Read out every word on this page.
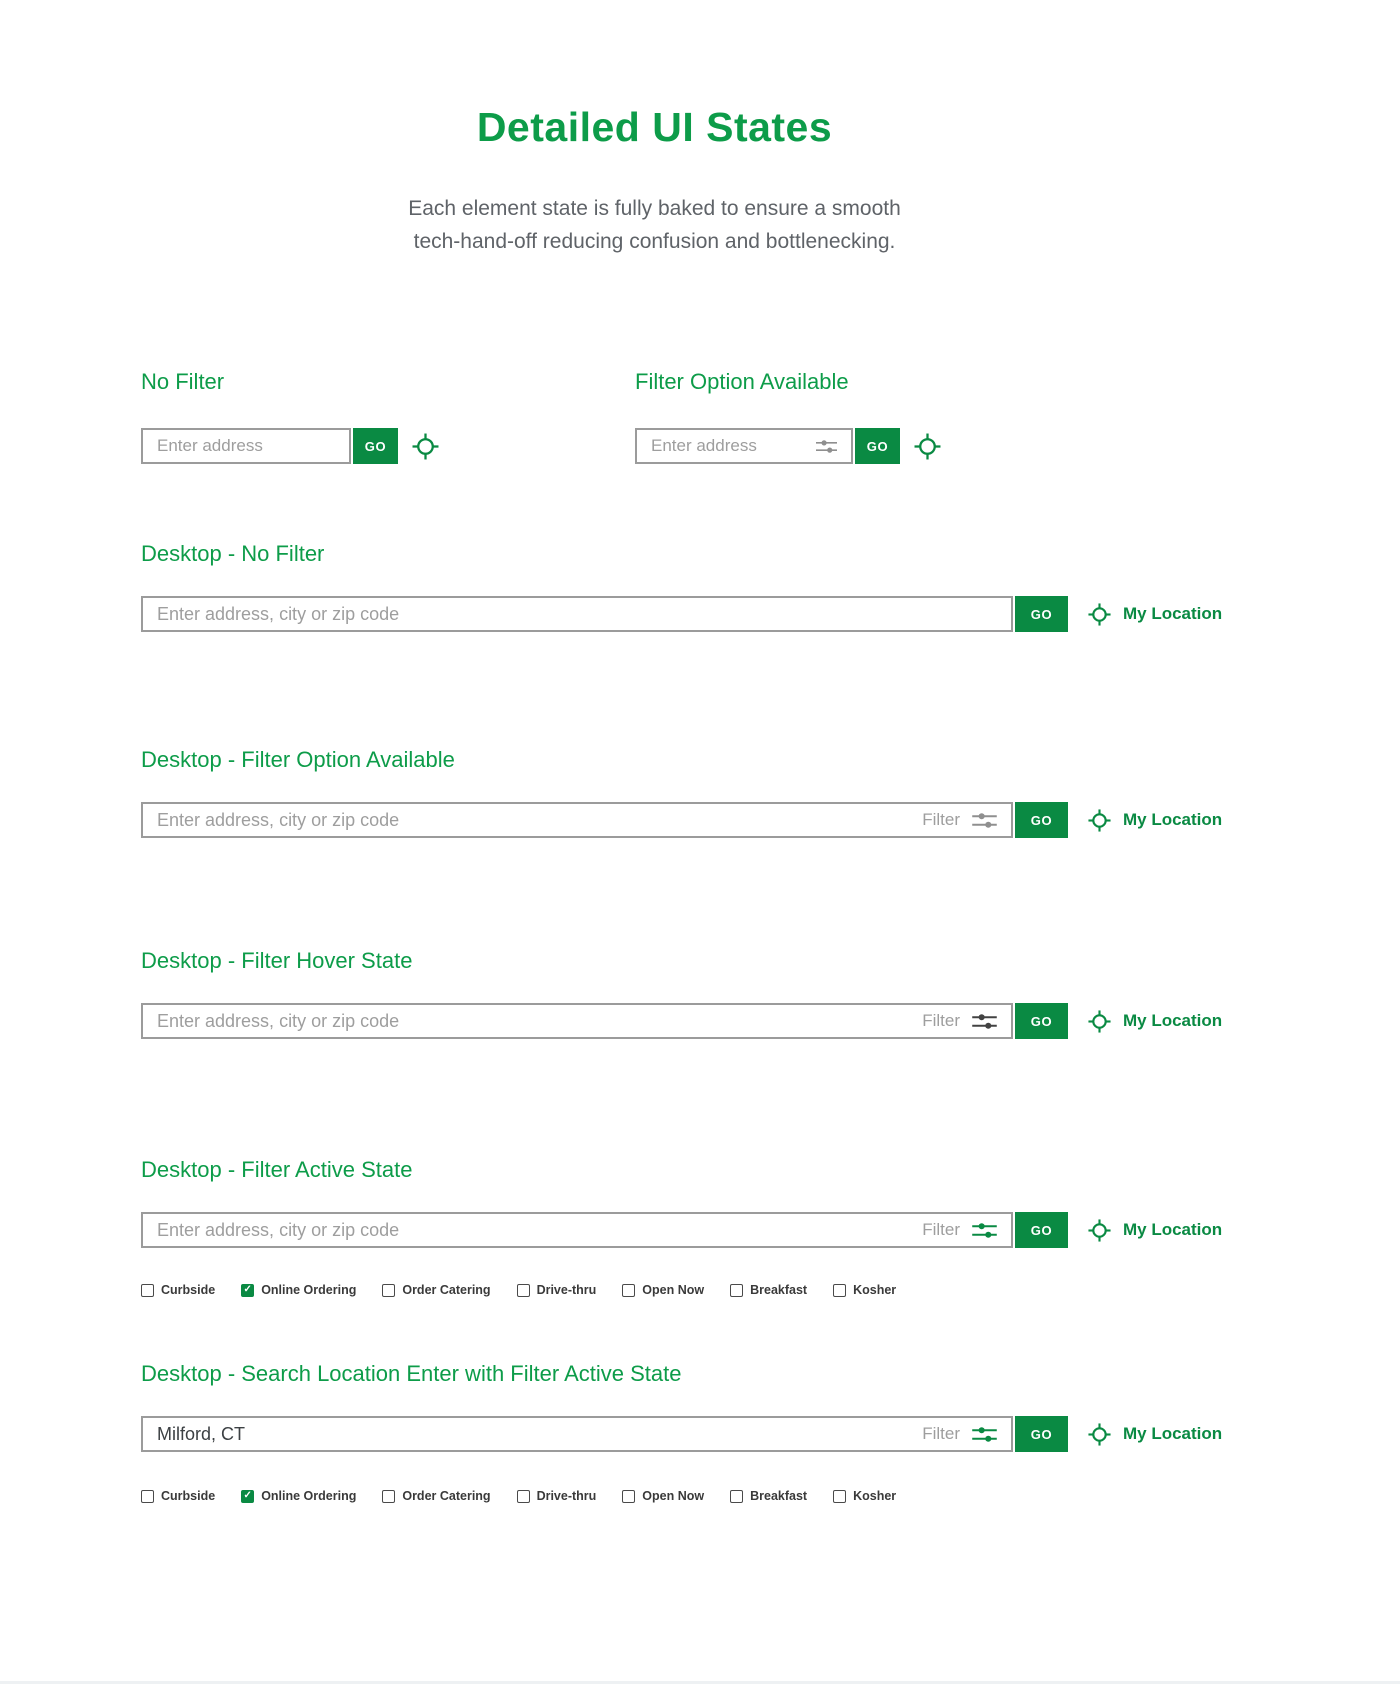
Detailed UI States
Each element state is fully baked to ensure a smooth
tech-hand-off reducing confusion and bottlenecking.
No Filter
Enter address
GO
Filter Option Available
Enter address
GO
Desktop - No Filter
Enter address, city or zip code
GO	My Location
Desktop - Filter Option Available
Enter address, city or zip code
Filter	GO	My Location
Desktop - Filter Hover State
Enter address, city or zip code
Filter	GO	My Location
Desktop - Filter Active State
Enter address, city or zip code
Filter	GO	My Location
Curbside ✓	Online Ordering	Order Catering	Drive-thru	Open Now	Breakfast	Kosher
Desktop - Search Location Enter with Filter Active State
Milford, CT
Filter	GO	My Location
Curbside ✓	Online Ordering	Order Catering	Drive-thru	Open Now	Breakfast	Kosher
